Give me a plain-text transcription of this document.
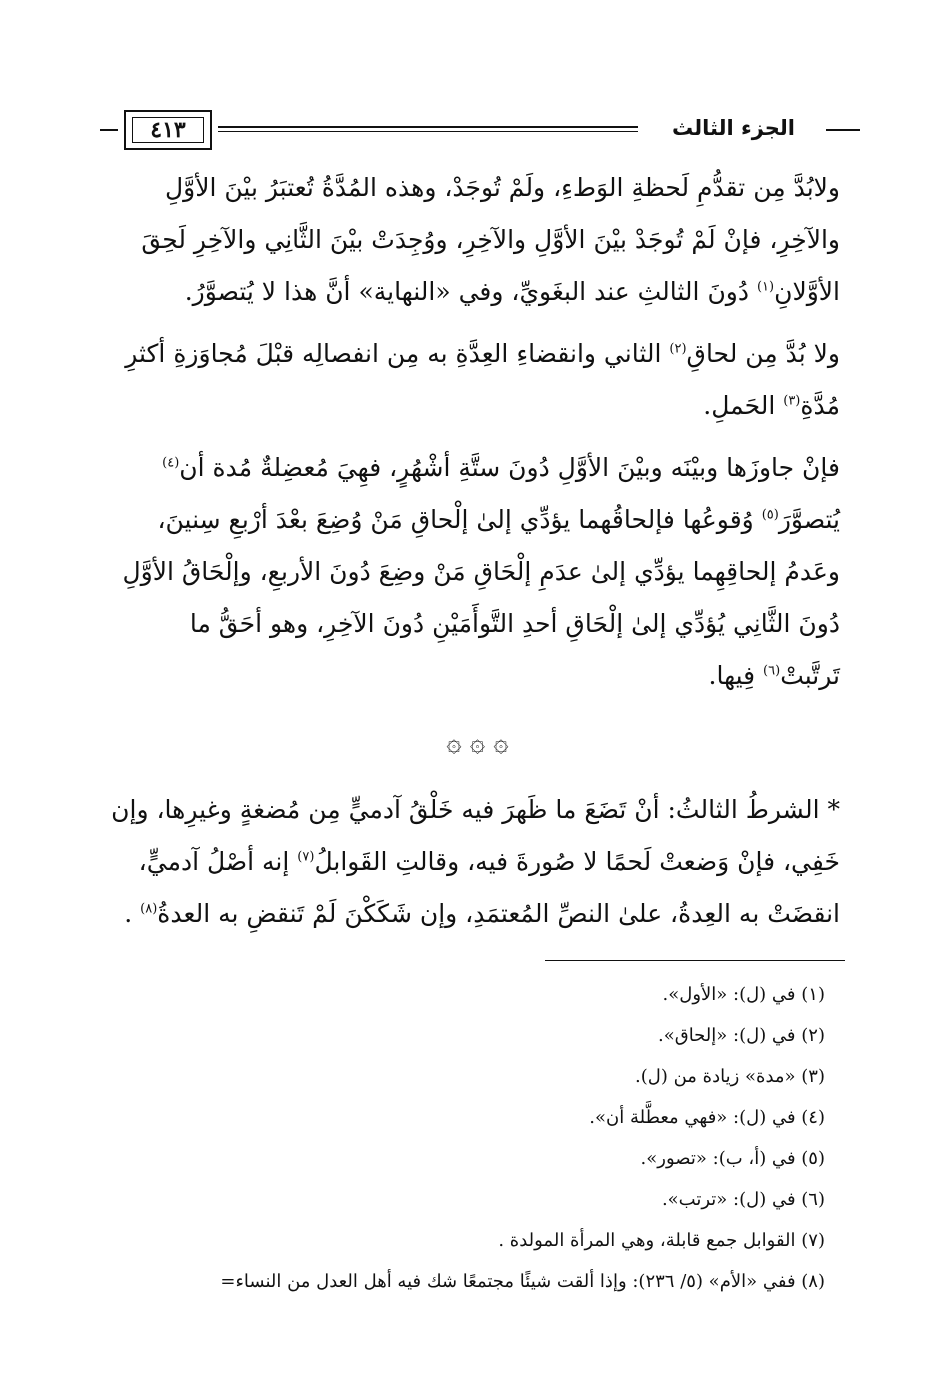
الجزء الثالث
٤١٣

ولابُدَّ مِن تقدُّمِ لَحظةِ الوَطءِ، ولَمْ تُوجَدْ، وهذه المُدَّةُ تُعتبَرُ بيْنَ الأوَّلِ
والآخِرِ، فإنْ لَمْ تُوجَدْ بيْنَ الأوَّلِ والآخِرِ، ووُجِدَتْ بيْنَ الثَّانِي والآخِرِ لَحِقَ
الأوَّلانِ$^{(١)}$ دُونَ الثالثِ عند البغَويِّ، وفي «النهاية» أنَّ هذا لا يُتصوَّرُ.

ولا بُدَّ مِن لحاقِ$^{(٢)}$ الثاني وانقضاءِ العِدَّةِ به مِن انفصالِه قبْلَ مُجاوَزةِ أكثرِ
مُدَّةِ$^{(٣)}$ الحَملِ.

فإنْ جاوزَها وبيْنَه وبيْنَ الأوَّلِ دُونَ ستَّةِ أشْهُرٍ، فهِيَ مُعضِلةٌ مُدة أن$^{(٤)}$
يُتصوَّرَ$^{(٥)}$ وُقوعُها فإلحاقُهما يؤدِّي إلىٰ إلْحاقِ مَنْ وُضِعَ بعْدَ أرْبعِ سِنينَ،
وعَدمُ إلحاقِهِما يؤدِّي إلىٰ عدَمِ إلْحَاقِ مَنْ وضِعَ دُونَ الأربعِ، وإلْحَاقُ الأوَّلِ
دُونَ الثَّانِي يُؤدِّي إلىٰ إلْحَاقِ أحدِ التَّوأَمَيْنِ دُونَ الآخِرِ، وهو أحَقُّ ما
تَرتَّبتْ$^{(٦)}$ فِيها.

۞ ۞ ۞

* الشرطُ الثالثُ: أنْ تَضَعَ ما ظَهرَ فيه خَلْقُ آدميٍّ مِن مُضغةٍ وغيرِها، وإن
خَفِي، فإنْ وَضعتْ لَحمًا لا صُورةَ فيه، وقالتِ القَوابلُ$^{(٧)}$ إنه أصْلُ آدميٍّ،
انقضَتْ به العِدةُ، علىٰ النصِّ المُعتمَدِ، وإن شَكَكْنَ لَمْ تَنقضِ به العدةُ$^{(٨)}$ .

(١) في (ل): «الأول».
(٢) في (ل): «إلحاق».
(٣) «مدة» زيادة من (ل).
(٤) في (ل): «فهي معطَّلة أن».
(٥) في (أ، ب): «تصور».
(٦) في (ل): «ترتب».
(٧) القوابل جمع قابلة، وهي المرأة المولدة .
(٨) ففي «الأم» (٥/ ٢٣٦): وإذا ألقت شيئًا مجتمعًا شك فيه أهل العدل من النساء=
